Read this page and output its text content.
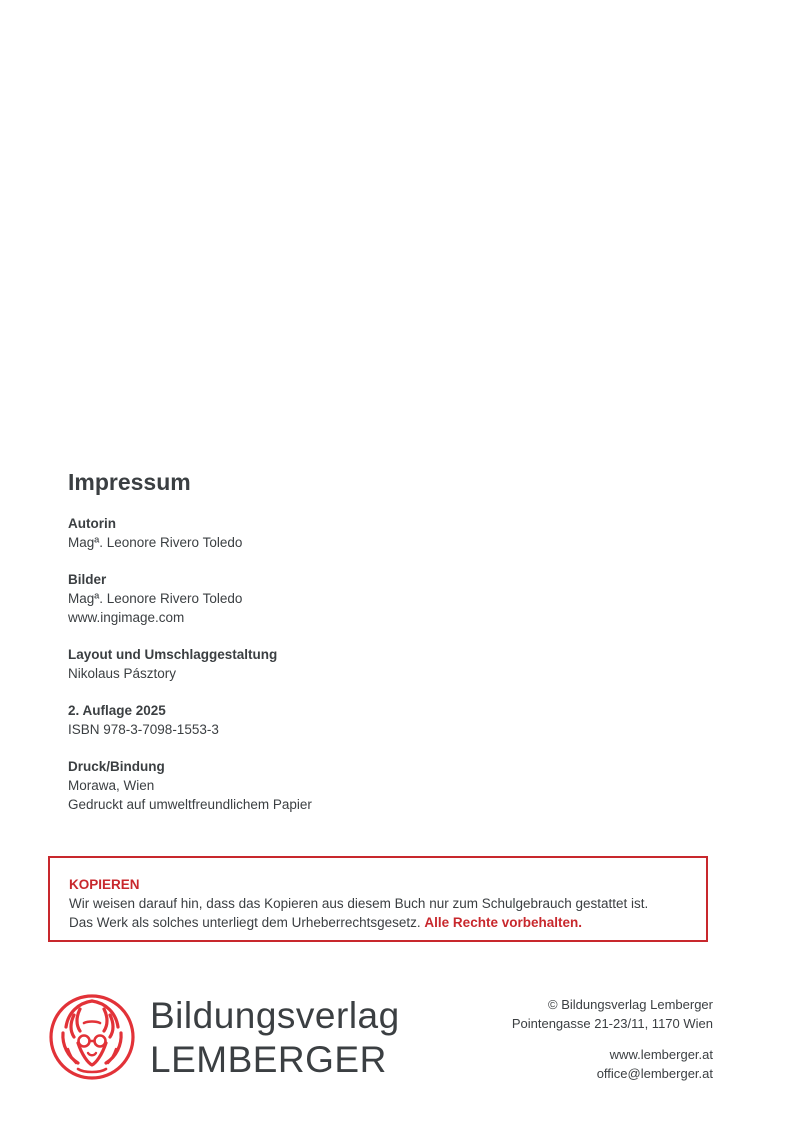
Impressum
Autorin
Magª. Leonore Rivero Toledo
Bilder
Magª. Leonore Rivero Toledo
www.ingimage.com
Layout und Umschlaggestaltung
Nikolaus Pásztory
2. Auflage 2025
ISBN 978-3-7098-1553-3
Druck/Bindung
Morawa, Wien
Gedruckt auf umweltfreundlichem Papier
KOPIEREN
Wir weisen darauf hin, dass das Kopieren aus diesem Buch nur zum Schulgebrauch gestattet ist.
Das Werk als solches unterliegt dem Urheberrechtsgesetz. Alle Rechte vorbehalten.
Bildungsverlag
LEMBERGER
© Bildungsverlag Lemberger
Pointengasse 21-23/11, 1170 Wien
www.lemberger.at
office@lemberger.at
